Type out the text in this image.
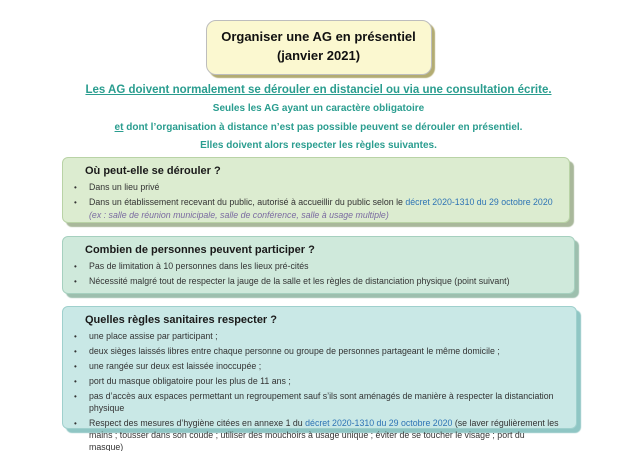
Organiser une AG en présentiel
(janvier 2021)
Les AG doivent normalement se dérouler en distanciel ou via une consultation écrite.
Seules les AG ayant un caractère obligatoire
et dont l’organisation à distance n’est pas possible peuvent se dérouler en présentiel.
Elles doivent alors respecter les règles suivantes.
Où peut-elle se dérouler ?
•	Dans un lieu privé
•	Dans un établissement recevant du public, autorisé à accueillir du public selon le décret 2020-1310 du 29 octobre 2020
(ex : salle de réunion municipale, salle de conférence, salle à usage multiple)
Combien de personnes peuvent participer ?
•	Pas de limitation à 10 personnes dans les lieux pré-cités
•	Nécessité malgré tout de respecter la jauge de la salle et les règles de distanciation physique (point suivant)
Quelles règles sanitaires respecter ?
•	une place assise par participant ;
•	deux sièges laissés libres entre chaque personne ou groupe de personnes partageant le même domicile ;
•	une rangée sur deux est laissée inoccupée ;
•	port du masque obligatoire pour les plus de 11 ans ;
•	pas d’accès aux espaces permettant un regroupement sauf s’ils sont aménagés de manière à respecter la distanciation physique
•	Respect des mesures d’hygiène citées en annexe 1 du décret 2020-1310 du 29 octobre 2020 (se laver régulièrement les mains ; tousser dans son coude ; utiliser des mouchoirs à usage unique ; éviter de se toucher le visage ; port du masque)
